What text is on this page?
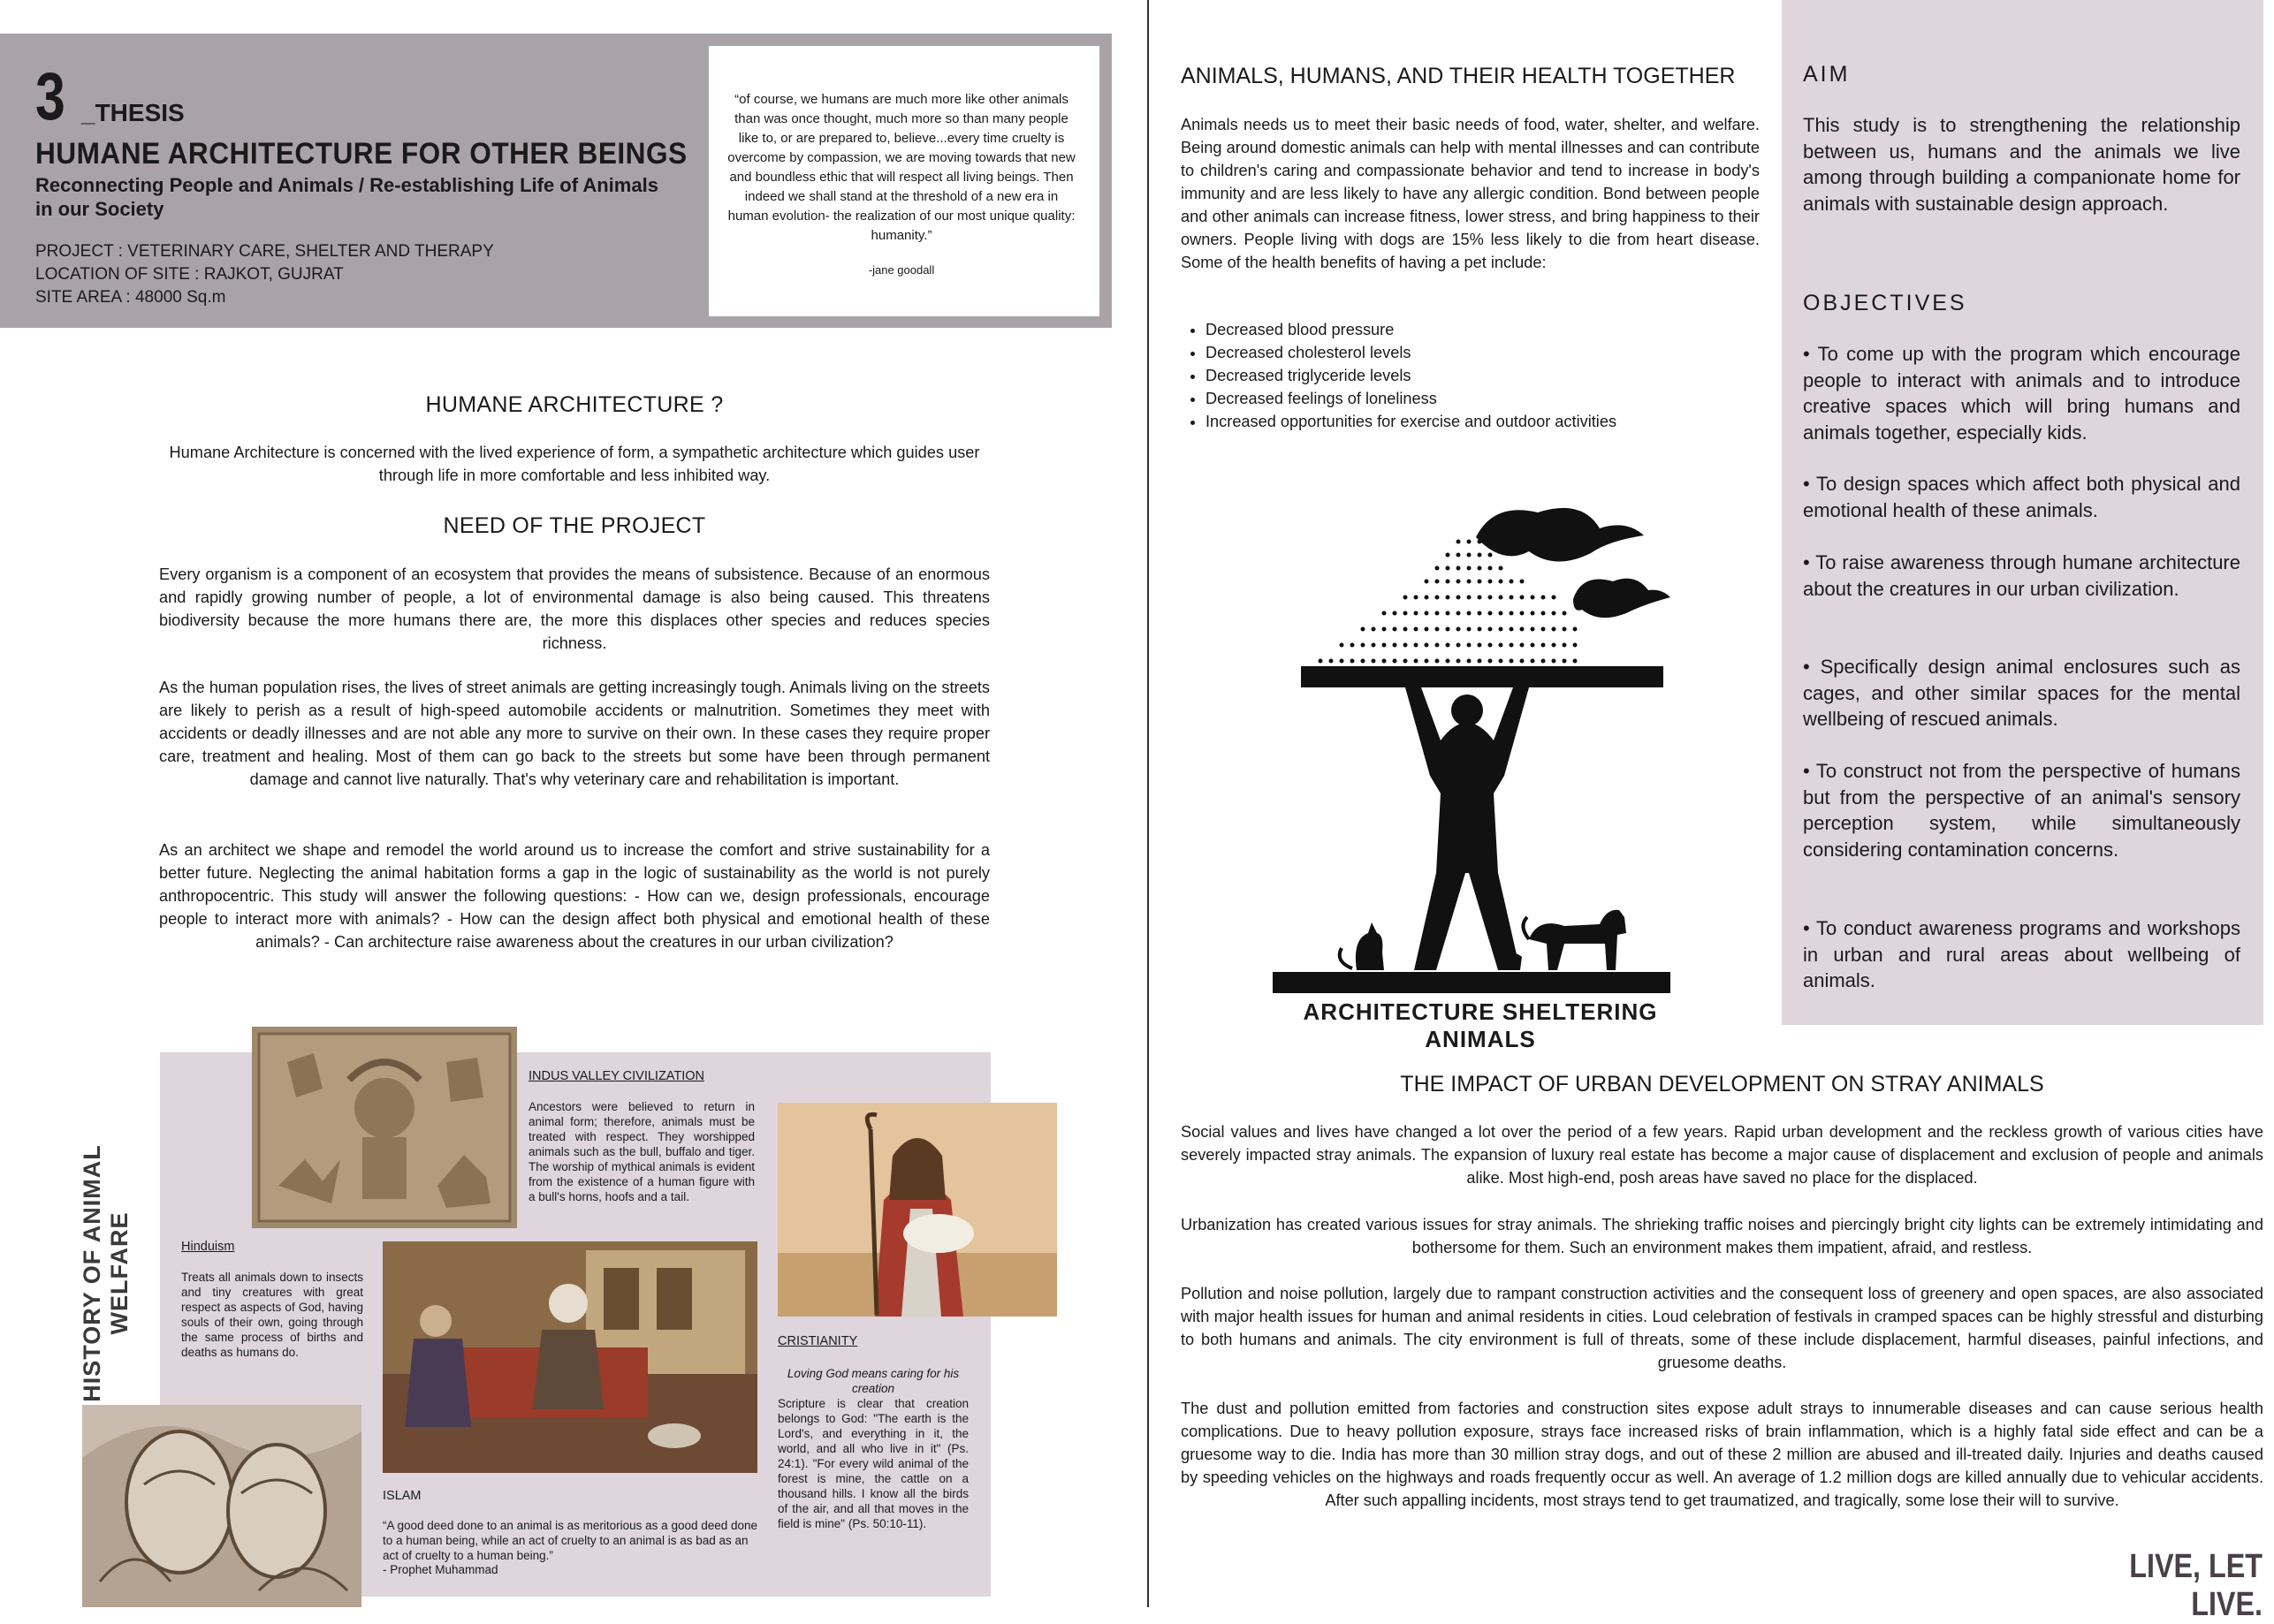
3 _THESIS
HUMANE ARCHITECTURE FOR OTHER BEINGS
Reconnecting People and Animals / Re-establishing Life of Animals in our Society
PROJECT : VETERINARY CARE, SHELTER AND THERAPY
LOCATION OF SITE : RAJKOT, GUJRAT
SITE AREA : 48000 Sq.m
“of course, we humans are much more like other animals than was once thought, much more so than many people like to, or are prepared to, believe...every time cruelty is overcome by compassion, we are moving towards that new and boundless ethic that will respect all living beings. Then indeed we shall stand at the threshold of a new era in human evolution- the realization of our most unique quality: humanity.”
-jane goodall
HUMANE ARCHITECTURE ?
Humane Architecture is concerned with the lived experience of form, a sympathetic architecture which guides user through life in more comfortable and less inhibited way.
NEED OF THE PROJECT
Every organism is a component of an ecosystem that provides the means of subsistence. Because of an enormous and rapidly growing number of people, a lot of environmental damage is also being caused. This threatens biodiversity because the more humans there are, the more this displaces other species and reduces species richness.
As the human population rises, the lives of street animals are getting increasingly tough. Animals living on the streets are likely to perish as a result of high-speed automobile accidents or malnutrition. Sometimes they meet with accidents or deadly illnesses and are not able any more to survive on their own. In these cases they require proper care, treatment and healing. Most of them can go back to the streets but some have been through permanent damage and cannot live naturally. That's why veterinary care and rehabilitation is important.
As an architect we shape and remodel the world around us to increase the comfort and strive sustainability for a better future. Neglecting the animal habitation forms a gap in the logic of sustainability as the world is not purely anthropocentric. This study will answer the following questions: - How can we, design professionals, encourage people to interact more with animals? - How can the design affect both physical and emotional health of these animals? - Can architecture raise awareness about the creatures in our urban civilization?
HISTORY OF ANIMAL WELFARE
INDUS VALLEY CIVILIZATION
Ancestors were believed to return in animal form; therefore, animals must be treated with respect. They worshipped animals such as the bull, buffalo and tiger. The worship of mythical animals is evident from the existence of a human figure with a bull's horns, hoofs and a tail.
Hinduism
Treats all animals down to insects and tiny creatures with great respect as aspects of God, having souls of their own, going through the same process of births and deaths as humans do.
CRISTIANITY
Loving God means caring for his creation
Scripture is clear that creation belongs to God: "The earth is the Lord's, and everything in it, the world, and all who live in it" (Ps. 24:1). "For every wild animal of the forest is mine, the cattle on a thousand hills. I know all the birds of the air, and all that moves in the field is mine" (Ps. 50:10-11).
ISLAM
“A good deed done to an animal is as meritorious as a good deed done to a human being, while an act of cruelty to an animal is as bad as an act of cruelty to a human being.”
- Prophet Muhammad
ANIMALS, HUMANS, AND THEIR HEALTH TOGETHER
Animals needs us to meet their basic needs of food, water, shelter, and welfare. Being around domestic animals can help with mental illnesses and can contribute to children's caring and compassionate behavior and tend to increase in body's immunity and are less likely to have any allergic condition. Bond between people and other animals can increase fitness, lower stress, and bring happiness to their owners. People living with dogs are 15% less likely to die from heart disease. Some of the health benefits of having a pet include:
• Decreased blood pressure
• Decreased cholesterol levels
• Decreased triglyceride levels
• Decreased feelings of loneliness
• Increased opportunities for exercise and outdoor activities
ARCHITECTURE SHELTERING ANIMALS
AIM
This study is to strengthening the relationship between us, humans and the animals we live among through building a companionate home for animals with sustainable design approach.
OBJECTIVES
• To come up with the program which encourage people to interact with animals and to introduce creative spaces which will bring humans and animals together, especially kids.
• To design spaces which affect both physical and emotional health of these animals.
• To raise awareness through humane architecture about the creatures in our urban civilization.
• Specifically design animal enclosures such as cages, and other similar spaces for the mental wellbeing of rescued animals.
• To construct not from the perspective of humans but from the perspective of an animal's sensory perception system, while simultaneously considering contamination concerns.
• To conduct awareness programs and workshops in urban and rural areas about wellbeing of animals.
THE IMPACT OF URBAN DEVELOPMENT ON STRAY ANIMALS
Social values and lives have changed a lot over the period of a few years. Rapid urban development and the reckless growth of various cities have severely impacted stray animals. The expansion of luxury real estate has become a major cause of displacement and exclusion of people and animals alike. Most high-end, posh areas have saved no place for the displaced.
Urbanization has created various issues for stray animals. The shrieking traffic noises and piercingly bright city lights can be extremely intimidating and bothersome for them. Such an environment makes them impatient, afraid, and restless.
Pollution and noise pollution, largely due to rampant construction activities and the consequent loss of greenery and open spaces, are also associated with major health issues for human and animal residents in cities. Loud celebration of festivals in cramped spaces can be highly stressful and disturbing to both humans and animals. The city environment is full of threats, some of these include displacement, harmful diseases, painful infections, and gruesome deaths.
The dust and pollution emitted from factories and construction sites expose adult strays to innumerable diseases and can cause serious health complications. Due to heavy pollution exposure, strays face increased risks of brain inflammation, which is a highly fatal side effect and can be a gruesome way to die. India has more than 30 million stray dogs, and out of these 2 million are abused and ill-treated daily. Injuries and deaths caused by speeding vehicles on the highways and roads frequently occur as well. An average of 1.2 million dogs are killed annually due to vehicular accidents. After such appalling incidents, most strays tend to get traumatized, and tragically, some lose their will to survive.
LIVE, LET LIVE.
